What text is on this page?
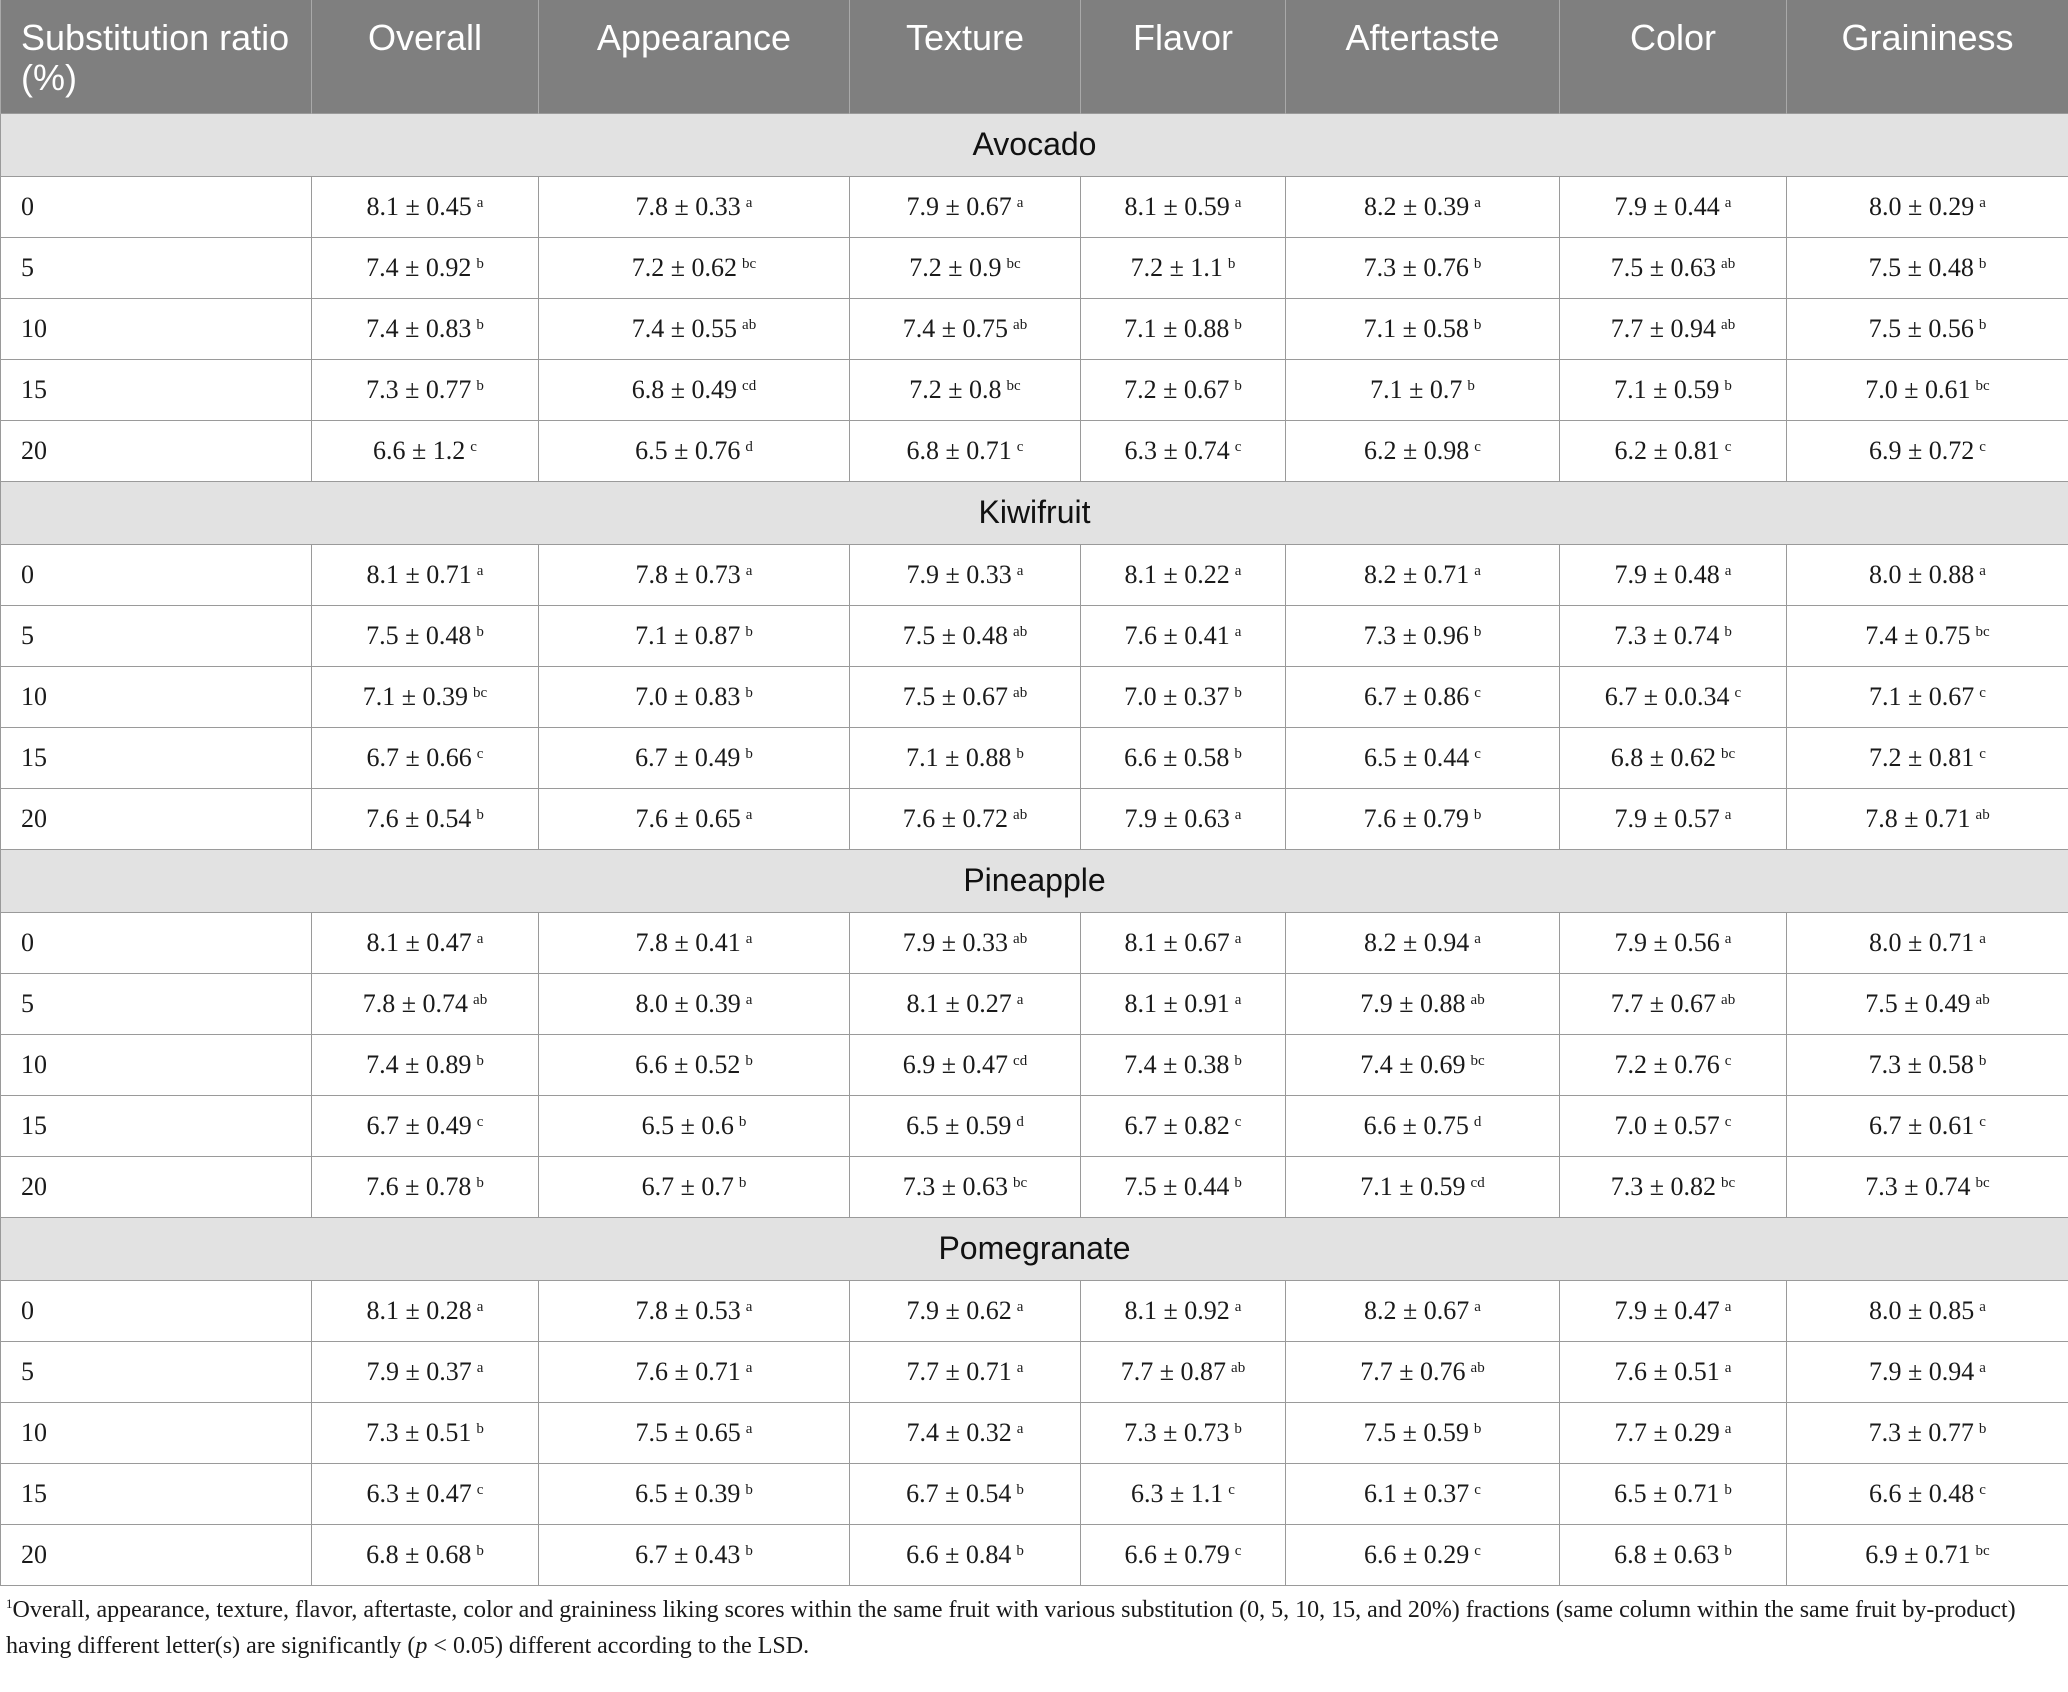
Substitution ratio (%)	Overall	Appearance	Texture	Flavor	Aftertaste	Color	Graininess
Avocado							
0	8.1 ± 0.45 $^a$	7.8 ± 0.33 $^a$	7.9 ± 0.67 $^a$	8.1 ± 0.59 $^a$	8.2 ± 0.39 $^a$	7.9 ± 0.44 $^a$	8.0 ± 0.29 $^a$
5	7.4 ± 0.92 $^b$	7.2 ± 0.62 $^{bc}$	7.2 ± 0.9 $^{bc}$	7.2 ± 1.1 $^b$	7.3 ± 0.76 $^b$	7.5 ± 0.63 $^{ab}$	7.5 ± 0.48 $^b$
10	7.4 ± 0.83 $^b$	7.4 ± 0.55 $^{ab}$	7.4 ± 0.75 $^{ab}$	7.1 ± 0.88 $^b$	7.1 ± 0.58 $^b$	7.7 ± 0.94 $^{ab}$	7.5 ± 0.56 $^b$
15	7.3 ± 0.77 $^b$	6.8 ± 0.49 $^{cd}$	7.2 ± 0.8 $^{bc}$	7.2 ± 0.67 $^b$	7.1 ± 0.7 $^b$	7.1 ± 0.59 $^b$	7.0 ± 0.61 $^{bc}$
20	6.6 ± 1.2 $^c$	6.5 ± 0.76 $^d$	6.8 ± 0.71 $^c$	6.3 ± 0.74 $^c$	6.2 ± 0.98 $^c$	6.2 ± 0.81 $^c$	6.9 ± 0.72 $^c$
Kiwifruit							
0	8.1 ± 0.71 $^a$	7.8 ± 0.73 $^a$	7.9 ± 0.33 $^a$	8.1 ± 0.22 $^a$	8.2 ± 0.71 $^a$	7.9 ± 0.48 $^a$	8.0 ± 0.88 $^a$
5	7.5 ± 0.48 $^b$	7.1 ± 0.87 $^b$	7.5 ± 0.48 $^{ab}$	7.6 ± 0.41 $^a$	7.3 ± 0.96 $^b$	7.3 ± 0.74 $^b$	7.4 ± 0.75 $^{bc}$
10	7.1 ± 0.39 $^{bc}$	7.0 ± 0.83 $^b$	7.5 ± 0.67 $^{ab}$	7.0 ± 0.37 $^b$	6.7 ± 0.86 $^c$	6.7 ± 0.0.34 $^c$	7.1 ± 0.67 $^c$
15	6.7 ± 0.66 $^c$	6.7 ± 0.49 $^b$	7.1 ± 0.88 $^b$	6.6 ± 0.58 $^b$	6.5 ± 0.44 $^c$	6.8 ± 0.62 $^{bc}$	7.2 ± 0.81 $^c$
20	7.6 ± 0.54 $^b$	7.6 ± 0.65 $^a$	7.6 ± 0.72 $^{ab}$	7.9 ± 0.63 $^a$	7.6 ± 0.79 $^b$	7.9 ± 0.57 $^a$	7.8 ± 0.71 $^{ab}$
Pineapple							
0	8.1 ± 0.47 $^a$	7.8 ± 0.41 $^a$	7.9 ± 0.33 $^{ab}$	8.1 ± 0.67 $^a$	8.2 ± 0.94 $^a$	7.9 ± 0.56 $^a$	8.0 ± 0.71 $^a$
5	7.8 ± 0.74 $^{ab}$	8.0 ± 0.39 $^a$	8.1 ± 0.27 $^a$	8.1 ± 0.91 $^a$	7.9 ± 0.88 $^{ab}$	7.7 ± 0.67 $^{ab}$	7.5 ± 0.49 $^{ab}$
10	7.4 ± 0.89 $^b$	6.6 ± 0.52 $^b$	6.9 ± 0.47 $^{cd}$	7.4 ± 0.38 $^b$	7.4 ± 0.69 $^{bc}$	7.2 ± 0.76 $^c$	7.3 ± 0.58 $^b$
15	6.7 ± 0.49 $^c$	6.5 ± 0.6 $^b$	6.5 ± 0.59 $^d$	6.7 ± 0.82 $^c$	6.6 ± 0.75 $^d$	7.0 ± 0.57 $^c$	6.7 ± 0.61 $^c$
20	7.6 ± 0.78 $^b$	6.7 ± 0.7 $^b$	7.3 ± 0.63 $^{bc}$	7.5 ± 0.44 $^b$	7.1 ± 0.59 $^{cd}$	7.3 ± 0.82 $^{bc}$	7.3 ± 0.74 $^{bc}$
Pomegranate							
0	8.1 ± 0.28 $^a$	7.8 ± 0.53 $^a$	7.9 ± 0.62 $^a$	8.1 ± 0.92 $^a$	8.2 ± 0.67 $^a$	7.9 ± 0.47 $^a$	8.0 ± 0.85 $^a$
5	7.9 ± 0.37 $^a$	7.6 ± 0.71 $^a$	7.7 ± 0.71 $^a$	7.7 ± 0.87 $^{ab}$	7.7 ± 0.76 $^{ab}$	7.6 ± 0.51 $^a$	7.9 ± 0.94 $^a$
10	7.3 ± 0.51 $^b$	7.5 ± 0.65 $^a$	7.4 ± 0.32 $^a$	7.3 ± 0.73 $^b$	7.5 ± 0.59 $^b$	7.7 ± 0.29 $^a$	7.3 ± 0.77 $^b$
15	6.3 ± 0.47 $^c$	6.5 ± 0.39 $^b$	6.7 ± 0.54 $^b$	6.3 ± 1.1 $^c$	6.1 ± 0.37 $^c$	6.5 ± 0.71 $^b$	6.6 ± 0.48 $^c$
20	6.8 ± 0.68 $^b$	6.7 ± 0.43 $^b$	6.6 ± 0.84 $^b$	6.6 ± 0.79 $^c$	6.6 ± 0.29 $^c$	6.8 ± 0.63 $^b$	6.9 ± 0.71 $^{bc}$
$^1$Overall, appearance, texture, flavor, aftertaste, color and graininess liking scores within the same fruit with various substitution (0, 5, 10, 15, and 20%) fractions (same column within the same fruit by-product) having different letter(s) are significantly (p < 0.05) different according to the LSD.
